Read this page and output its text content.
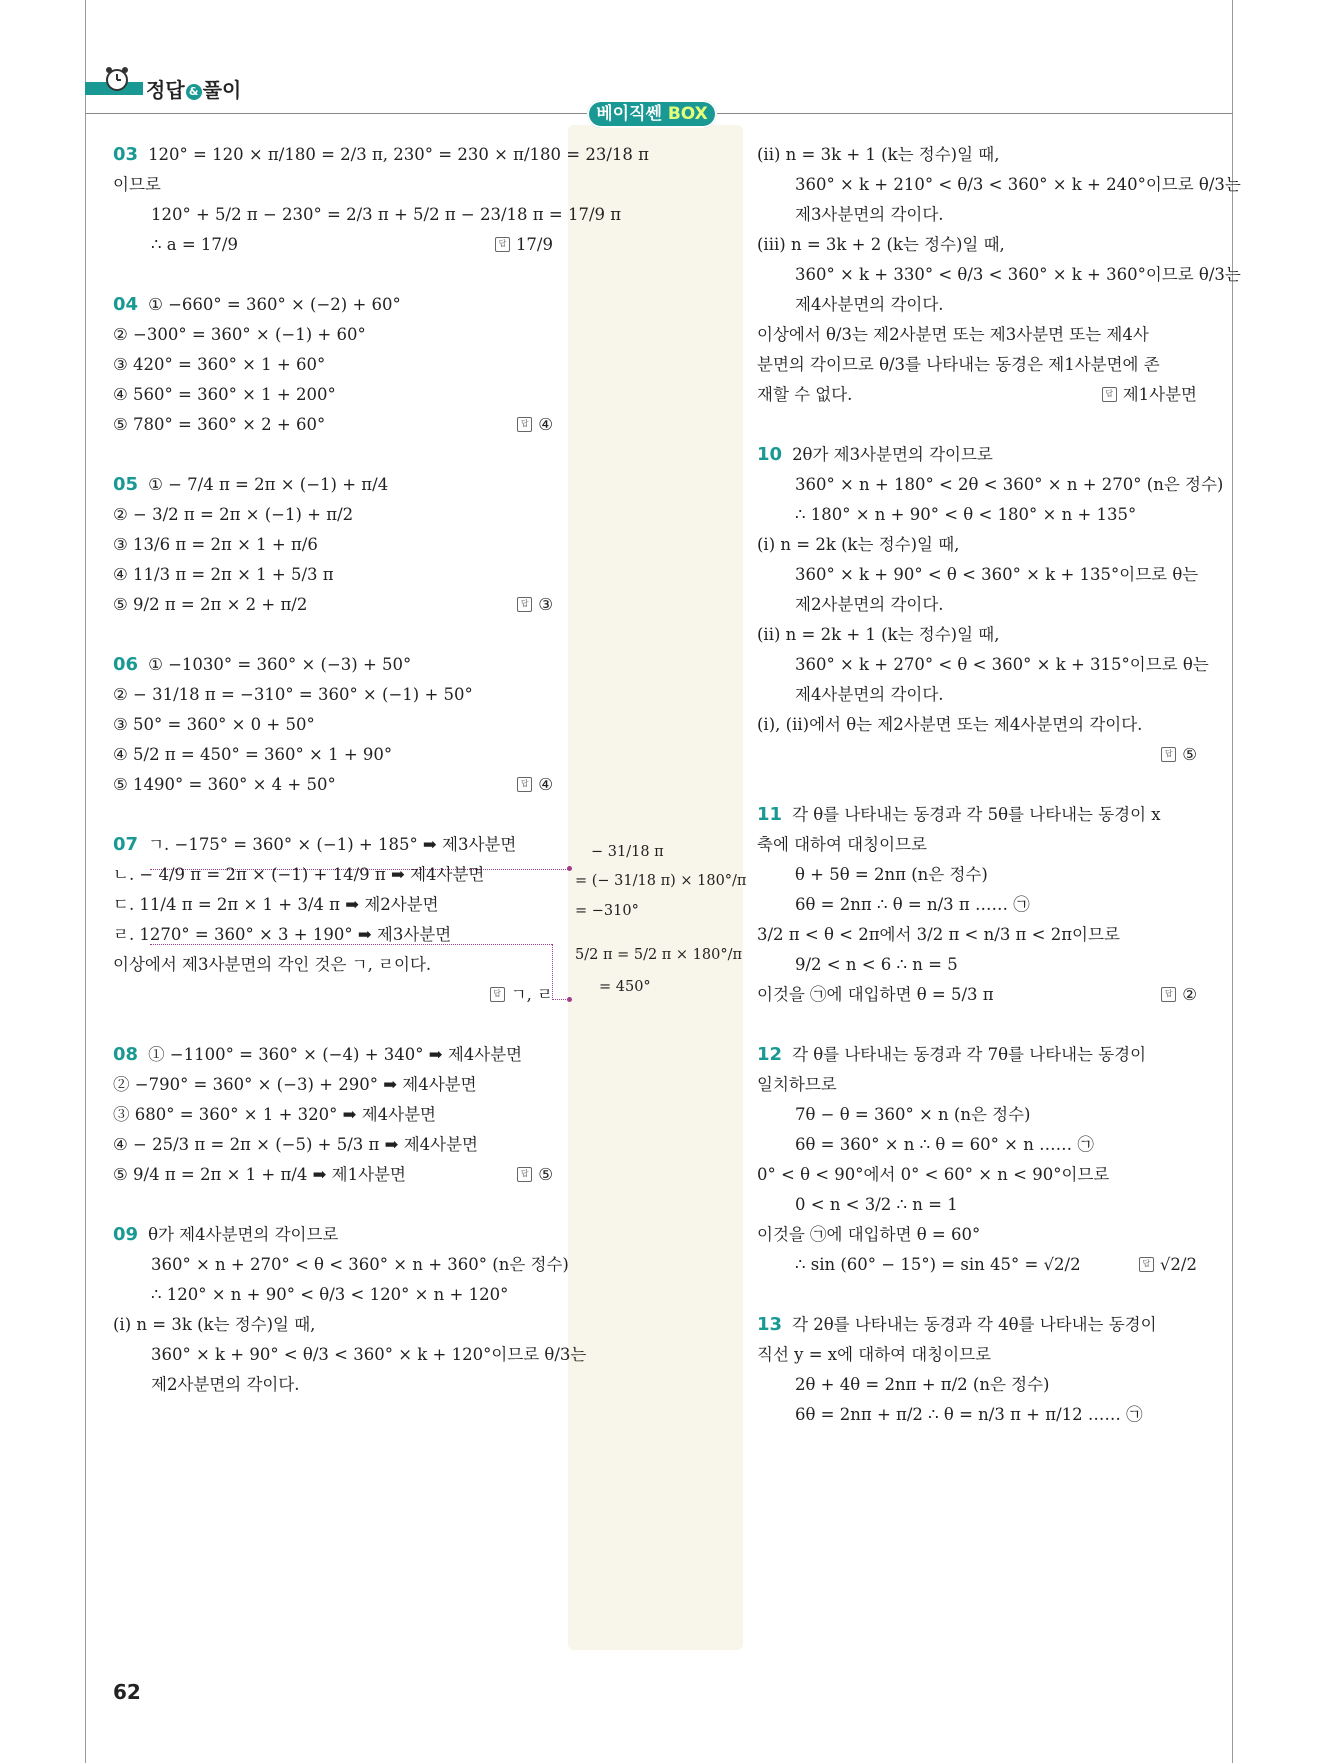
정답 & 풀이
베이직쎈 BOX
03 120° = 120 × π/180 = 2/3 π, 230° = 230 × π/180 = 23/18 π
이므로
120° + 5/2 π − 230° = 2/3 π + 5/2 π − 23/18 π = 17/9 π
∴ a = 17/9	답 17/9
04 ① −660° = 360° × (−2) + 60°
② −300° = 360° × (−1) + 60°
③ 420° = 360° × 1 + 60°
④ 560° = 360° × 1 + 200°
⑤ 780° = 360° × 2 + 60°	답 ④
05 ① − 7/4 π = 2π × (−1) + π/4
② − 3/2 π = 2π × (−1) + π/2
③ 13/6 π = 2π × 1 + π/6
④ 11/3 π = 2π × 1 + 5/3 π
⑤ 9/2 π = 2π × 2 + π/2	답 ③
06 ① −1030° = 360° × (−3) + 50°
② − 31/18 π = −310° = 360° × (−1) + 50°
③ 50° = 360° × 0 + 50°
④ 5/2 π = 450° = 360° × 1 + 90°
⑤ 1490° = 360° × 4 + 50°	답 ④
07 ㄱ. −175° = 360° × (−1) + 185° ➡ 제3사분면
ㄴ. − 4/9 π = 2π × (−1) + 14/9 π ➡ 제4사분면
ㄷ. 11/4 π = 2π × 1 + 3/4 π ➡ 제2사분면
ㄹ. 1270° = 360° × 3 + 190° ➡ 제3사분면
이상에서 제3사분면의 각인 것은 ㄱ, ㄹ이다.
답 ㄱ, ㄹ
08 ① −1100° = 360° × (−4) + 340° ➡ 제4사분면
② −790° = 360° × (−3) + 290° ➡ 제4사분면
③ 680° = 360° × 1 + 320° ➡ 제4사분면
④ − 25/3 π = 2π × (−5) + 5/3 π ➡ 제4사분면
⑤ 9/4 π = 2π × 1 + π/4 ➡ 제1사분면	답 ⑤
09 θ가 제4사분면의 각이므로
360° × n + 270° < θ < 360° × n + 360° (n은 정수)
∴ 120° × n + 90° < θ/3 < 120° × n + 120°
(i) n = 3k (k는 정수)일 때,
360° × k + 90° < θ/3 < 360° × k + 120°이므로 θ/3는
제2사분면의 각이다.
− 31/18 π
= (− 31/18 π) × 180°/π
= −310°
5/2 π = 5/2 π × 180°/π
= 450°
(ii) n = 3k + 1 (k는 정수)일 때,
360° × k + 210° < θ/3 < 360° × k + 240°이므로 θ/3는
제3사분면의 각이다.
(iii) n = 3k + 2 (k는 정수)일 때,
360° × k + 330° < θ/3 < 360° × k + 360°이므로 θ/3는
제4사분면의 각이다.
이상에서 θ/3는 제2사분면 또는 제3사분면 또는 제4사
분면의 각이므로 θ/3를 나타내는 동경은 제1사분면에 존
재할 수 없다.	답 제1사분면
10 2θ가 제3사분면의 각이므로
360° × n + 180° < 2θ < 360° × n + 270° (n은 정수)
∴ 180° × n + 90° < θ < 180° × n + 135°
(i) n = 2k (k는 정수)일 때,
360° × k + 90° < θ < 360° × k + 135°이므로 θ는
제2사분면의 각이다.
(ii) n = 2k + 1 (k는 정수)일 때,
360° × k + 270° < θ < 360° × k + 315°이므로 θ는
제4사분면의 각이다.
(i), (ii)에서 θ는 제2사분면 또는 제4사분면의 각이다.
답 ⑤
11 각 θ를 나타내는 동경과 각 5θ를 나타내는 동경이 x
축에 대하여 대칭이므로
θ + 5θ = 2nπ (n은 정수)
6θ = 2nπ ∴ θ = n/3 π …… ㉠
3/2 π < θ < 2π에서 3/2 π < n/3 π < 2π이므로
9/2 < n < 6 ∴ n = 5
이것을 ㉠에 대입하면 θ = 5/3 π	답 ②
12 각 θ를 나타내는 동경과 각 7θ를 나타내는 동경이
일치하므로
7θ − θ = 360° × n (n은 정수)
6θ = 360° × n ∴ θ = 60° × n …… ㉠
0° < θ < 90°에서 0° < 60° × n < 90°이므로
0 < n < 3/2 ∴ n = 1
이것을 ㉠에 대입하면 θ = 60°
∴ sin (60° − 15°) = sin 45° = √2/2	답 √2/2
13 각 2θ를 나타내는 동경과 각 4θ를 나타내는 동경이
직선 y = x에 대하여 대칭이므로
2θ + 4θ = 2nπ + π/2 (n은 정수)
6θ = 2nπ + π/2 ∴ θ = n/3 π + π/12 …… ㉠
62
